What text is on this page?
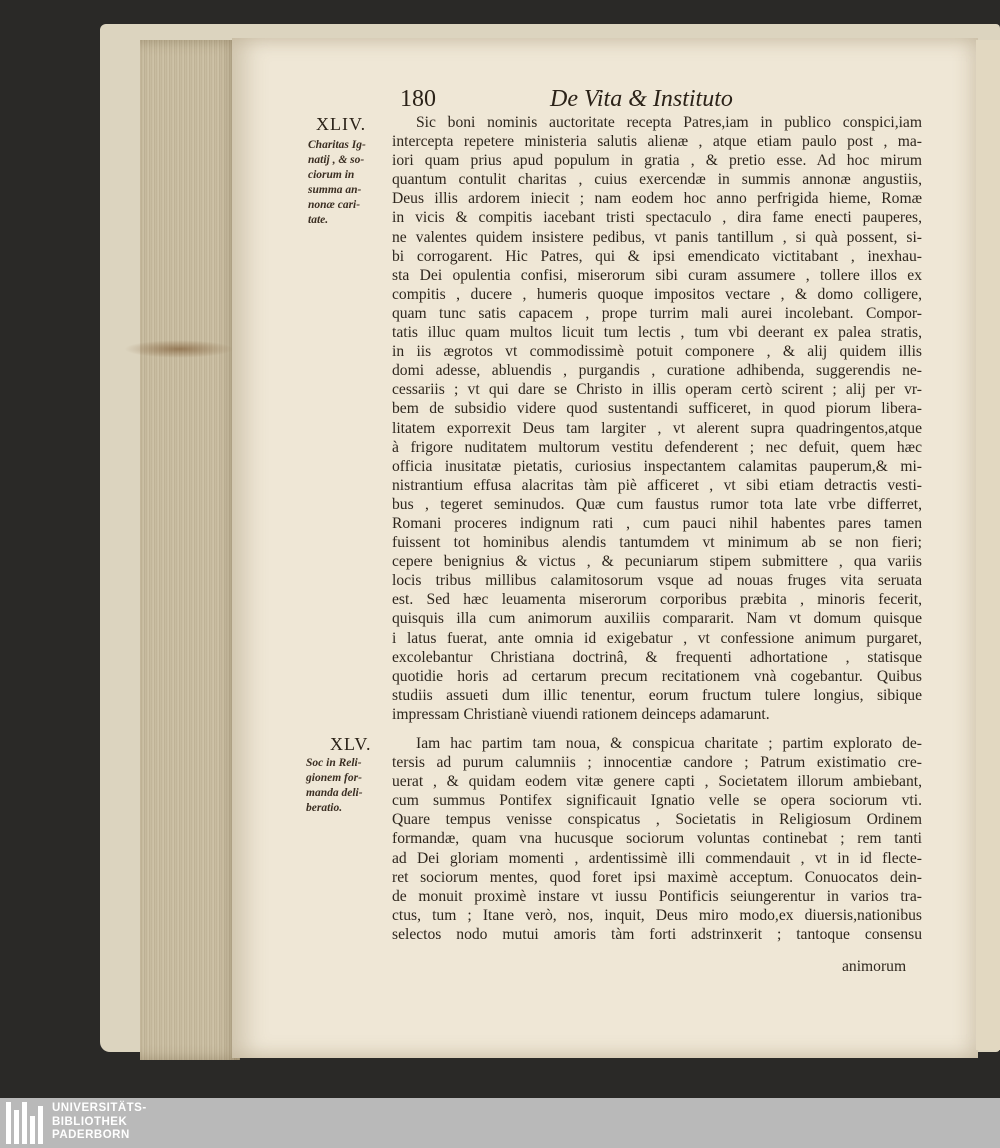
180	De Vita & Instituto
XLIV.
Charitas Ig-
natij , & so-
ciorum in
summa an-
nonæ cari-
tate.
Sic boni nominis auctoritate recepta Patres,iam in publico conspici,iam
intercepta repetere ministeria salutis alienæ , atque etiam paulo post , ma-
iori quam prius apud populum in gratia , & pretio esse. Ad hoc mirum
quantum contulit charitas , cuius exercendæ in summis annonæ angustiis,
Deus illis ardorem iniecit ; nam eodem hoc anno perfrigida hieme, Romæ
in vicis & compitis iacebant tristi spectaculo , dira fame enecti pauperes,
ne valentes quidem insistere pedibus, vt panis tantillum , si quà possent, si-
bi corrogarent. Hic Patres, qui & ipsi emendicato victitabant , inexhau-
sta Dei opulentia confisi, miserorum sibi curam assumere , tollere illos ex
compitis , ducere , humeris quoque impositos vectare , & domo colligere,
quam tunc satis capacem , prope turrim mali aurei incolebant. Compor-
tatis illuc quam multos licuit tum lectis , tum vbi deerant ex palea stratis,
in iis ægrotos vt commodissimè potuit componere , & alij quidem illis
domi adesse, abluendis , purgandis , curatione adhibenda, suggerendis ne-
cessariis ; vt qui dare se Christo in illis operam certò scirent ; alij per vr-
bem de subsidio videre quod sustentandi sufficeret, in quod piorum libera-
litatem exporrexit Deus tam largiter , vt alerent supra quadringentos,atque
à frigore nuditatem multorum vestitu defenderent ; nec defuit, quem hæc
officia inusitatæ pietatis, curiosius inspectantem calamitas pauperum,& mi-
nistrantium effusa alacritas tàm piè afficeret , vt sibi etiam detractis vesti-
bus , tegeret seminudos. Quæ cum faustus rumor tota late vrbe differret,
Romani proceres indignum rati , cum pauci nihil habentes pares tamen
fuissent tot hominibus alendis tantumdem vt minimum ab se non fieri;
cepere benignius & victus , & pecuniarum stipem submittere , qua variis
locis tribus millibus calamitosorum vsque ad nouas fruges vita seruata
est. Sed hæc leuamenta miserorum corporibus præbita , minoris fecerit,
quisquis illa cum animorum auxiliis compararit. Nam vt domum quisque
i latus fuerat, ante omnia id exigebatur , vt confessione animum purgaret,
excolebantur Christiana doctrinâ, & frequenti adhortatione , statisque
quotidie horis ad certarum precum recitationem vnà cogebantur. Quibus
studiis assueti dum illic tenentur, eorum fructum tulere longius, sibique
impressam Christianè viuendi rationem deinceps adamarunt.
XLV.
Soc in Reli-
gionem for-
manda deli-
beratio.
Iam hac partim tam noua, & conspicua charitate ; partim explorato de-
tersis ad purum calumniis ; innocentiæ candore ; Patrum existimatio cre-
uerat , & quidam eodem vitæ genere capti , Societatem illorum ambiebant,
cum summus Pontifex significauit Ignatio velle se opera sociorum vti.
Quare tempus venisse conspicatus , Societatis in Religiosum Ordinem
formandæ, quam vna hucusque sociorum voluntas continebat ; rem tanti
ad Dei gloriam momenti , ardentissimè illi commendauit , vt in id flecte-
ret sociorum mentes, quod foret ipsi maximè acceptum. Conuocatos dein-
de monuit proximè instare vt iussu Pontificis seiungerentur in varios tra-
ctus, tum ; Itane verò, nos, inquit, Deus miro modo,ex diuersis,nationibus
selectos nodo mutui amoris tàm forti adstrinxerit ; tantoque consensu
animorum
UNIVERSITÄTS-
BIBLIOTHEK
PADERBORN
